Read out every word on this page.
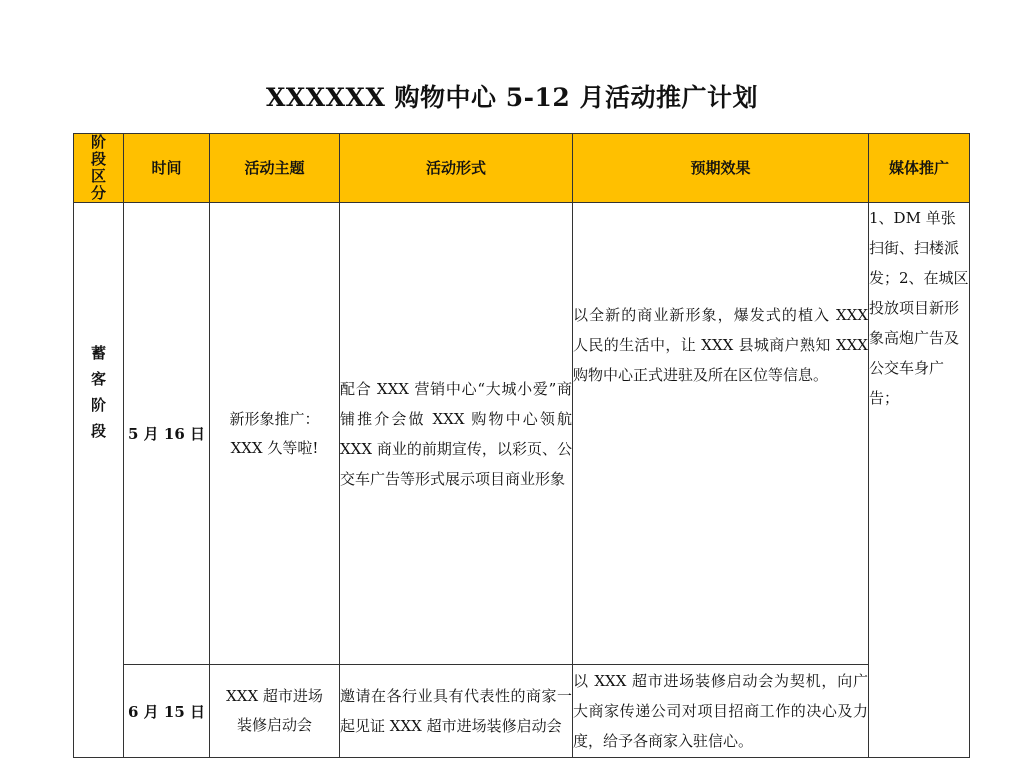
XXXXXX 购物中心 5-12 月活动推广计划
阶段区分	时间	活动主题	活动形式	预期效果	媒体推广

蓄客阶段	5 月 16 日	新形象推广：XXX 久等啦!	配合 XXX 营销中心“大城小爱”商铺推介会做 XXX 购物中心领航 XXX 商业的前期宣传，以彩页、公交车广告等形式展示项目商业形象	以全新的商业新形象，爆发式的植入 XXX 人民的生活中，让 XXX 县城商户熟知 XXX 购物中心正式进驻及所在区位等信息。	1、DM 单张扫街、扫楼派发；2、在城区投放项目新形象高炮广告及公交车身广告；
	6 月 15 日	XXX 超市进场装修启动会	邀请在各行业具有代表性的商家一起见证 XXX 超市进场装修启动会	以 XXX 超市进场装修启动会为契机，向广大商家传递公司对项目招商工作的决心及力度，给予各商家入驻信心。	
